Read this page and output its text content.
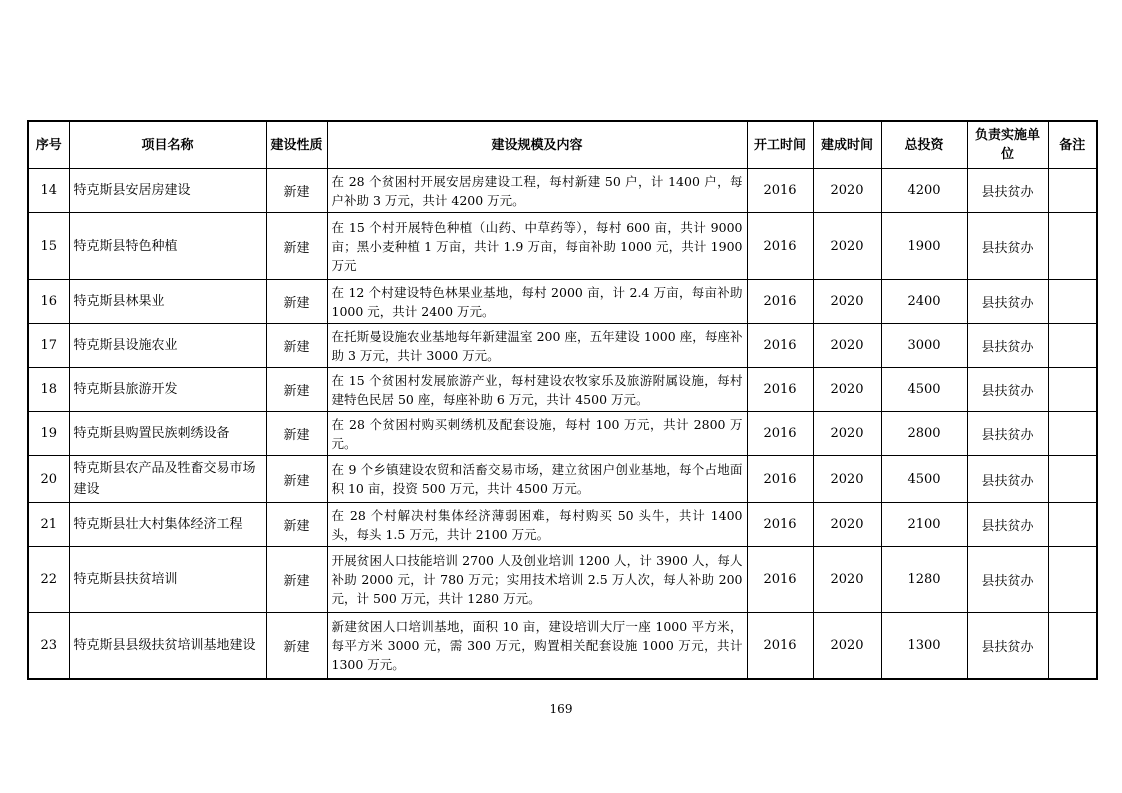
序号	项目名称	建设性质	建设规模及内容	开工时间	建成时间	总投资	负责实施单位	备注
14	特克斯县安居房建设	新建	在 28 个贫困村开展安居房建设工程，每村新建 50 户，计 1400 户，每户补助 3 万元，共计 4200 万元。	2016	2020	4200	县扶贫办	
15	特克斯县特色种植	新建	在 15 个村开展特色种植（山药、中草药等），每村 600 亩，共计 9000 亩；黑小麦种植 1 万亩，共计 1.9 万亩，每亩补助 1000 元，共计 1900 万元	2016	2020	1900	县扶贫办	
16	特克斯县林果业	新建	在 12 个村建设特色林果业基地，每村 2000 亩，计 2.4 万亩，每亩补助 1000 元，共计 2400 万元。	2016	2020	2400	县扶贫办	
17	特克斯县设施农业	新建	在托斯曼设施农业基地每年新建温室 200 座，五年建设 1000 座，每座补助 3 万元，共计 3000 万元。	2016	2020	3000	县扶贫办	
18	特克斯县旅游开发	新建	在 15 个贫困村发展旅游产业，每村建设农牧家乐及旅游附属设施，每村建特色民居 50 座，每座补助 6 万元，共计 4500 万元。	2016	2020	4500	县扶贫办	
19	特克斯县购置民族刺绣设备	新建	在 28 个贫困村购买刺绣机及配套设施，每村 100 万元，共计 2800 万元。	2016	2020	2800	县扶贫办	
20	特克斯县农产品及牲畜交易市场建设	新建	在 9 个乡镇建设农贸和活畜交易市场，建立贫困户创业基地，每个占地面积 10 亩，投资 500 万元，共计 4500 万元。	2016	2020	4500	县扶贫办	
21	特克斯县壮大村集体经济工程	新建	在 28 个村解决村集体经济薄弱困难，每村购买 50 头牛，共计 1400 头，每头 1.5 万元，共计 2100 万元。	2016	2020	2100	县扶贫办	
22	特克斯县扶贫培训	新建	开展贫困人口技能培训 2700 人及创业培训 1200 人，计 3900 人，每人补助 2000 元，计 780 万元；实用技术培训 2.5 万人次，每人补助 200 元，计 500 万元，共计 1280 万元。	2016	2020	1280	县扶贫办	
23	特克斯县县级扶贫培训基地建设	新建	新建贫困人口培训基地，面积 10 亩，建设培训大厅一座 1000 平方米，每平方米 3000 元，需 300 万元，购置相关配套设施 1000 万元，共计 1300 万元。	2016	2020	1300	县扶贫办	
169
